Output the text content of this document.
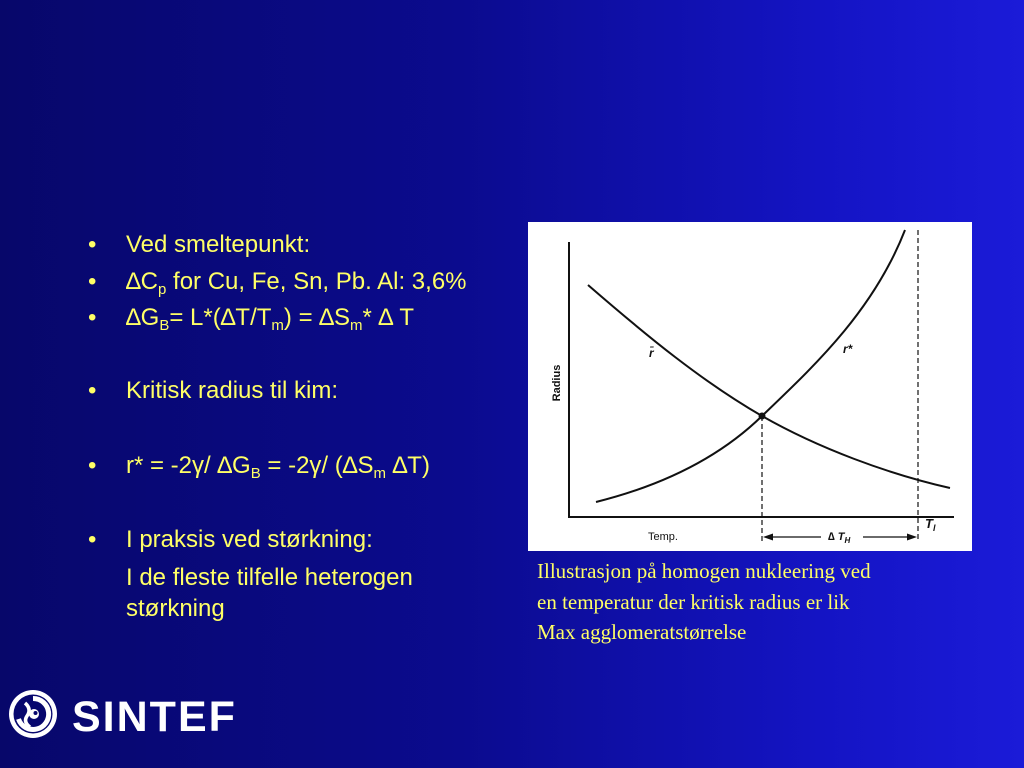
• Ved smeltepunkt:
• $\Delta C_p$ for Cu, Fe, Sn, Pb. Al: 3,6%
• $\Delta G_B= L*(\Delta T/T_m) = \Delta S_m*$ ∆ T
• Kritisk radius til kim:
• r* = -2γ/ $\Delta G_B = -2\gamma/$ ($\Delta S_m$ ∆T)
• I praksis ved størkning:
I de fleste tilfelle heterogen størkning
Radius
r̄	r*
Temp.	∆ $T_H$
$T_l$
Illustrasjon på homogen nukleering ved
en temperatur der kritisk radius er lik
Max agglomeratstørrelse
SINTEF
